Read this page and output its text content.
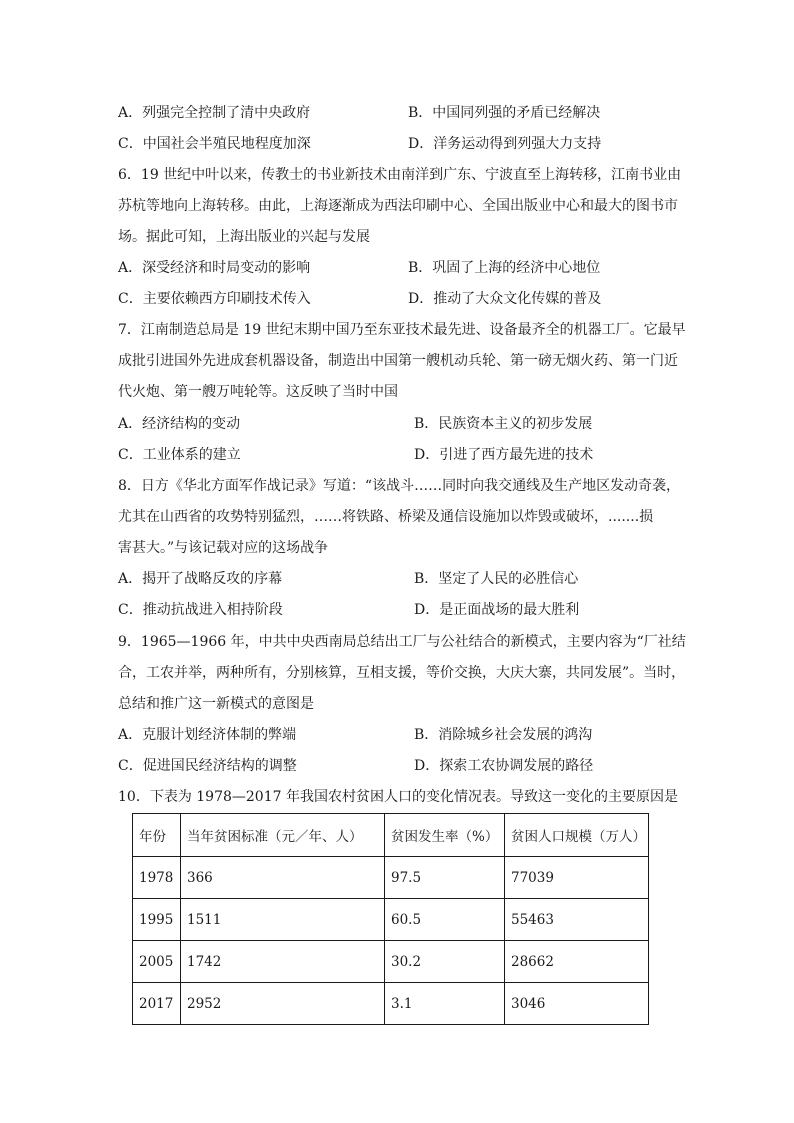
A．列强完全控制了清中央政府	B．中国同列强的矛盾已经解决
C．中国社会半殖民地程度加深	D．洋务运动得到列强大力支持
6．19 世纪中叶以来，传教士的书业新技术由南洋到广东、宁波直至上海转移，江南书业由
苏杭等地向上海转移。由此，上海逐渐成为西法印刷中心、全国出版业中心和最大的图书市
场。据此可知，上海出版业的兴起与发展
A．深受经济和时局变动的影响	B．巩固了上海的经济中心地位
C．主要依赖西方印刷技术传入	D．推动了大众文化传媒的普及
7．江南制造总局是 19 世纪末期中国乃至东亚技术最先进、设备最齐全的机器工厂。它最早
成批引进国外先进成套机器设备，制造出中国第一艘机动兵轮、第一磅无烟火药、第一门近
代火炮、第一艘万吨轮等。这反映了当时中国
A．经济结构的变动	B．民族资本主义的初步发展
C．工业体系的建立	D．引进了西方最先进的技术
8．日方《华北方面军作战记录》写道：“该战斗……同时向我交通线及生产地区发动奇袭，
尤其在山西省的攻势特别猛烈，……将铁路、桥梁及通信设施加以炸毁或破坏，.......损
害甚大。”与该记载对应的这场战争
A．揭开了战略反攻的序幕	B．坚定了人民的必胜信心
C．推动抗战进入相持阶段	D．是正面战场的最大胜利
9．1965—1966 年，中共中央西南局总结出工厂与公社结合的新模式，主要内容为“厂社结
合，工农并举，两种所有，分别核算，互相支援，等价交换，大庆大寨，共同发展”。当时，
总结和推广这一新模式的意图是
A．克服计划经济体制的弊端	B．消除城乡社会发展的鸿沟
C．促进国民经济结构的调整	D．探索工农协调发展的路径
10．下表为 1978—2017 年我国农村贫困人口的变化情况表。导致这一变化的主要原因是
年份	当年贫困标准（元／年、人）	贫困发生率（%）	贫困人口规模（万人）
1978	366	97.5	77039
1995	1511	60.5	55463
2005	1742	30.2	28662
2017	2952	3.1	3046
